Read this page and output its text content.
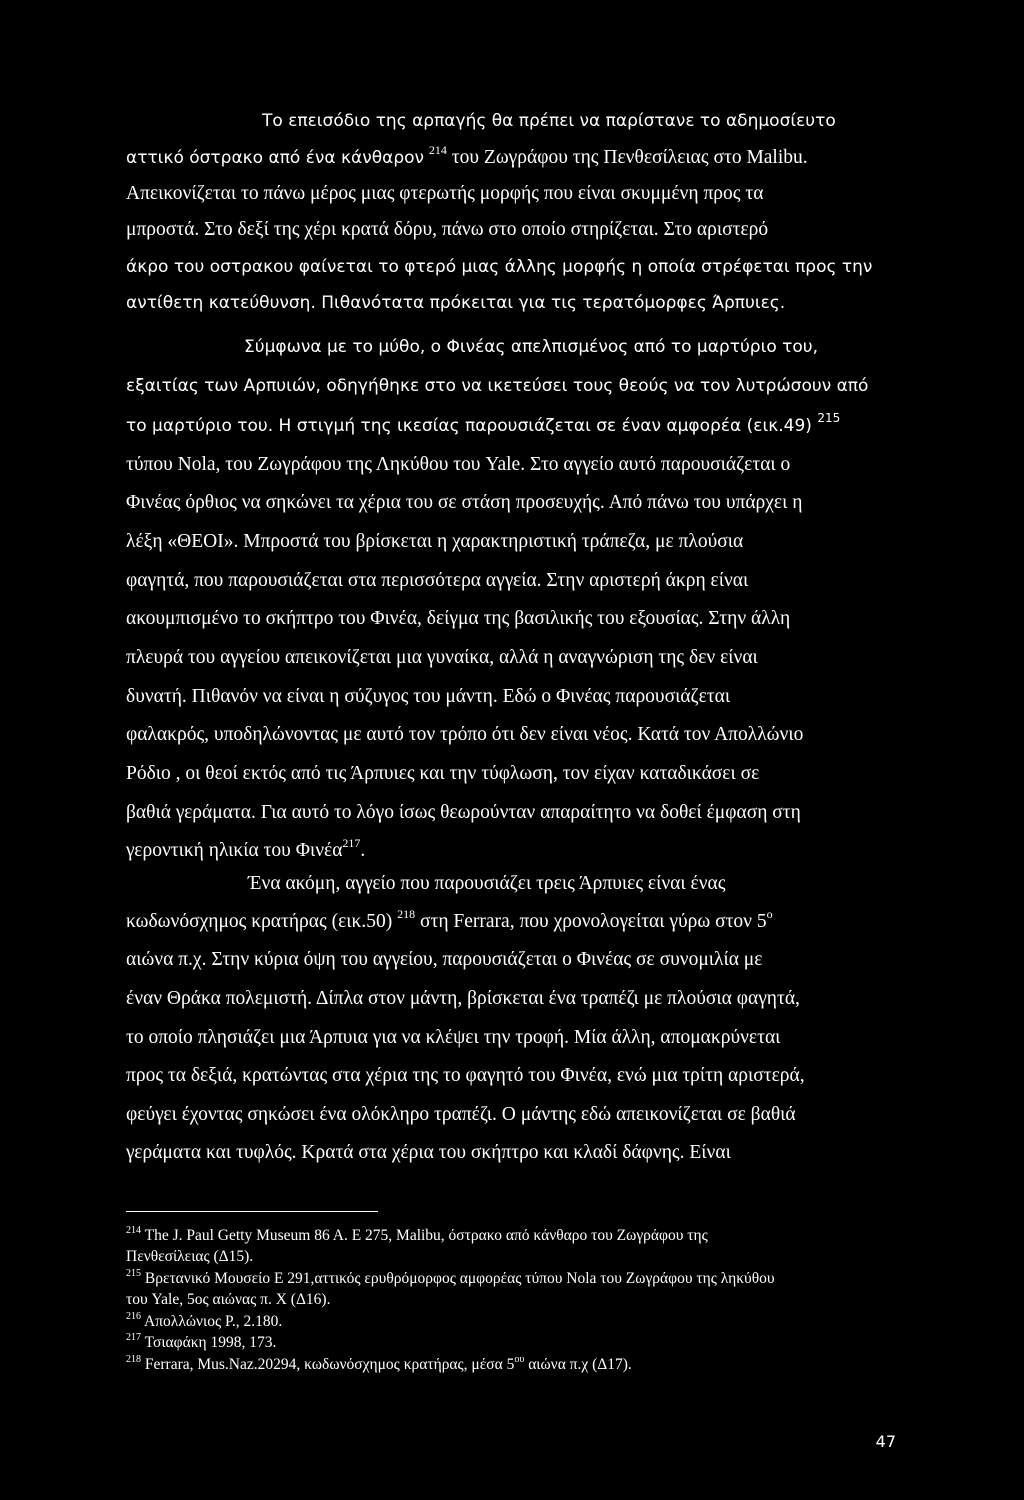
Το επεισόδιο της αρπαγής θα πρέπει να παρίστανε το αδημοσίευτο
αττικό όστρακο από ένα κάνθαρον $^{214}$ του Ζωγράφου της Πενθεσίλειας στο Malibu.
Απεικονίζεται το πάνω μέρος μιας φτερωτής μορφής που είναι σκυμμένη προς τα
μπροστά. Στο δεξί της χέρι κρατά δόρυ, πάνω στο οποίο στηρίζεται. Στο αριστερό
άκρο του οστρακου φαίνεται το φτερό μιας άλλης μορφής η οποία στρέφεται προς την
αντίθετη κατεύθυνση. Πιθανότατα πρόκειται για τις τερατόμορφες Άρπυιες.
Σύμφωνα με το μύθο, ο Φινέας απελπισμένος από το μαρτύριο του,
εξαιτίας των Αρπυιών, οδηγήθηκε στο να ικετεύσει τους θεούς να τον λυτρώσουν από
το μαρτύριο του. Η στιγμή της ικεσίας παρουσιάζεται σε έναν αμφορέα (εικ.49) $^{215}$
τύπου Nola, του Ζωγράφου της Ληκύθου του Yale. Στο αγγείο αυτό παρουσιάζεται ο
Φινέας όρθιος να σηκώνει τα χέρια του σε στάση προσευχής. Από πάνω του υπάρχει η
λέξη «ΘΕΟΙ». Μπροστά του βρίσκεται η χαρακτηριστική τράπεζα, με πλούσια
φαγητά, που παρουσιάζεται στα περισσότερα αγγεία. Στην αριστερή άκρη είναι
ακουμπισμένο το σκήπτρο του Φινέα, δείγμα της βασιλικής του εξουσίας. Στην άλλη
πλευρά του αγγείου απεικονίζεται μια γυναίκα, αλλά η αναγνώριση της δεν είναι
δυνατή. Πιθανόν να είναι η σύζυγος του μάντη. Εδώ ο Φινέας παρουσιάζεται
φαλακρός, υποδηλώνοντας με αυτό τον τρόπο ότι δεν είναι νέος. Κατά τον Απολλώνιο
Ρόδιο , οι θεοί εκτός από τις Άρπυιες και την τύφλωση, τον είχαν καταδικάσει σε
βαθιά γεράματα. Για αυτό το λόγο ίσως θεωρούνταν απαραίτητο να δοθεί έμφαση στη
γεροντική ηλικία του Φινέα$^{217}$.
Ένα ακόμη, αγγείο που παρουσιάζει τρεις Άρπυιες είναι ένας
κωδωνόσχημος κρατήρας (εικ.50) $^{218}$ στη Ferrara, που χρονολογείται γύρω στον $5^o$
αιώνα π.χ. Στην κύρια όψη του αγγείου, παρουσιάζεται ο Φινέας σε συνομιλία με
έναν Θράκα πολεμιστή. Δίπλα στον μάντη, βρίσκεται ένα τραπέζι με πλούσια φαγητά,
το οποίο πλησιάζει μια Άρπυια για να κλέψει την τροφή. Μία άλλη, απομακρύνεται
προς τα δεξιά, κρατώντας στα χέρια της το φαγητό του Φινέα, ενώ μια τρίτη αριστερά,
φεύγει έχοντας σηκώσει ένα ολόκληρο τραπέζι. Ο μάντης εδώ απεικονίζεται σε βαθιά
γεράματα και τυφλός. Κρατά στα χέρια του σκήπτρο και κλαδί δάφνης. Είναι
$^{214}$ The J. Paul Getty Museum 86 A. E 275, Malibu, όστρακο από κάνθαρο του Ζωγράφου της
Πενθεσίλειας (Δ15).
$^{215}$ Βρετανικό Μουσείο E 291,αττικός ερυθρόμορφος αμφορέας τύπου Nola του Ζωγράφου της ληκύθου
του Yale, 5ος αιώνας π. X (Δ16).
$^{216}$ Απολλώνιος Ρ., 2.180.
$^{217}$ Τσιαφάκη 1998, 173.
$^{218}$ Ferrara, Mus.Naz.20294, κωδωνόσχημος κρατήρας, μέσα $5^{o\upsilon}$ αιώνα π.χ (Δ17).
47
